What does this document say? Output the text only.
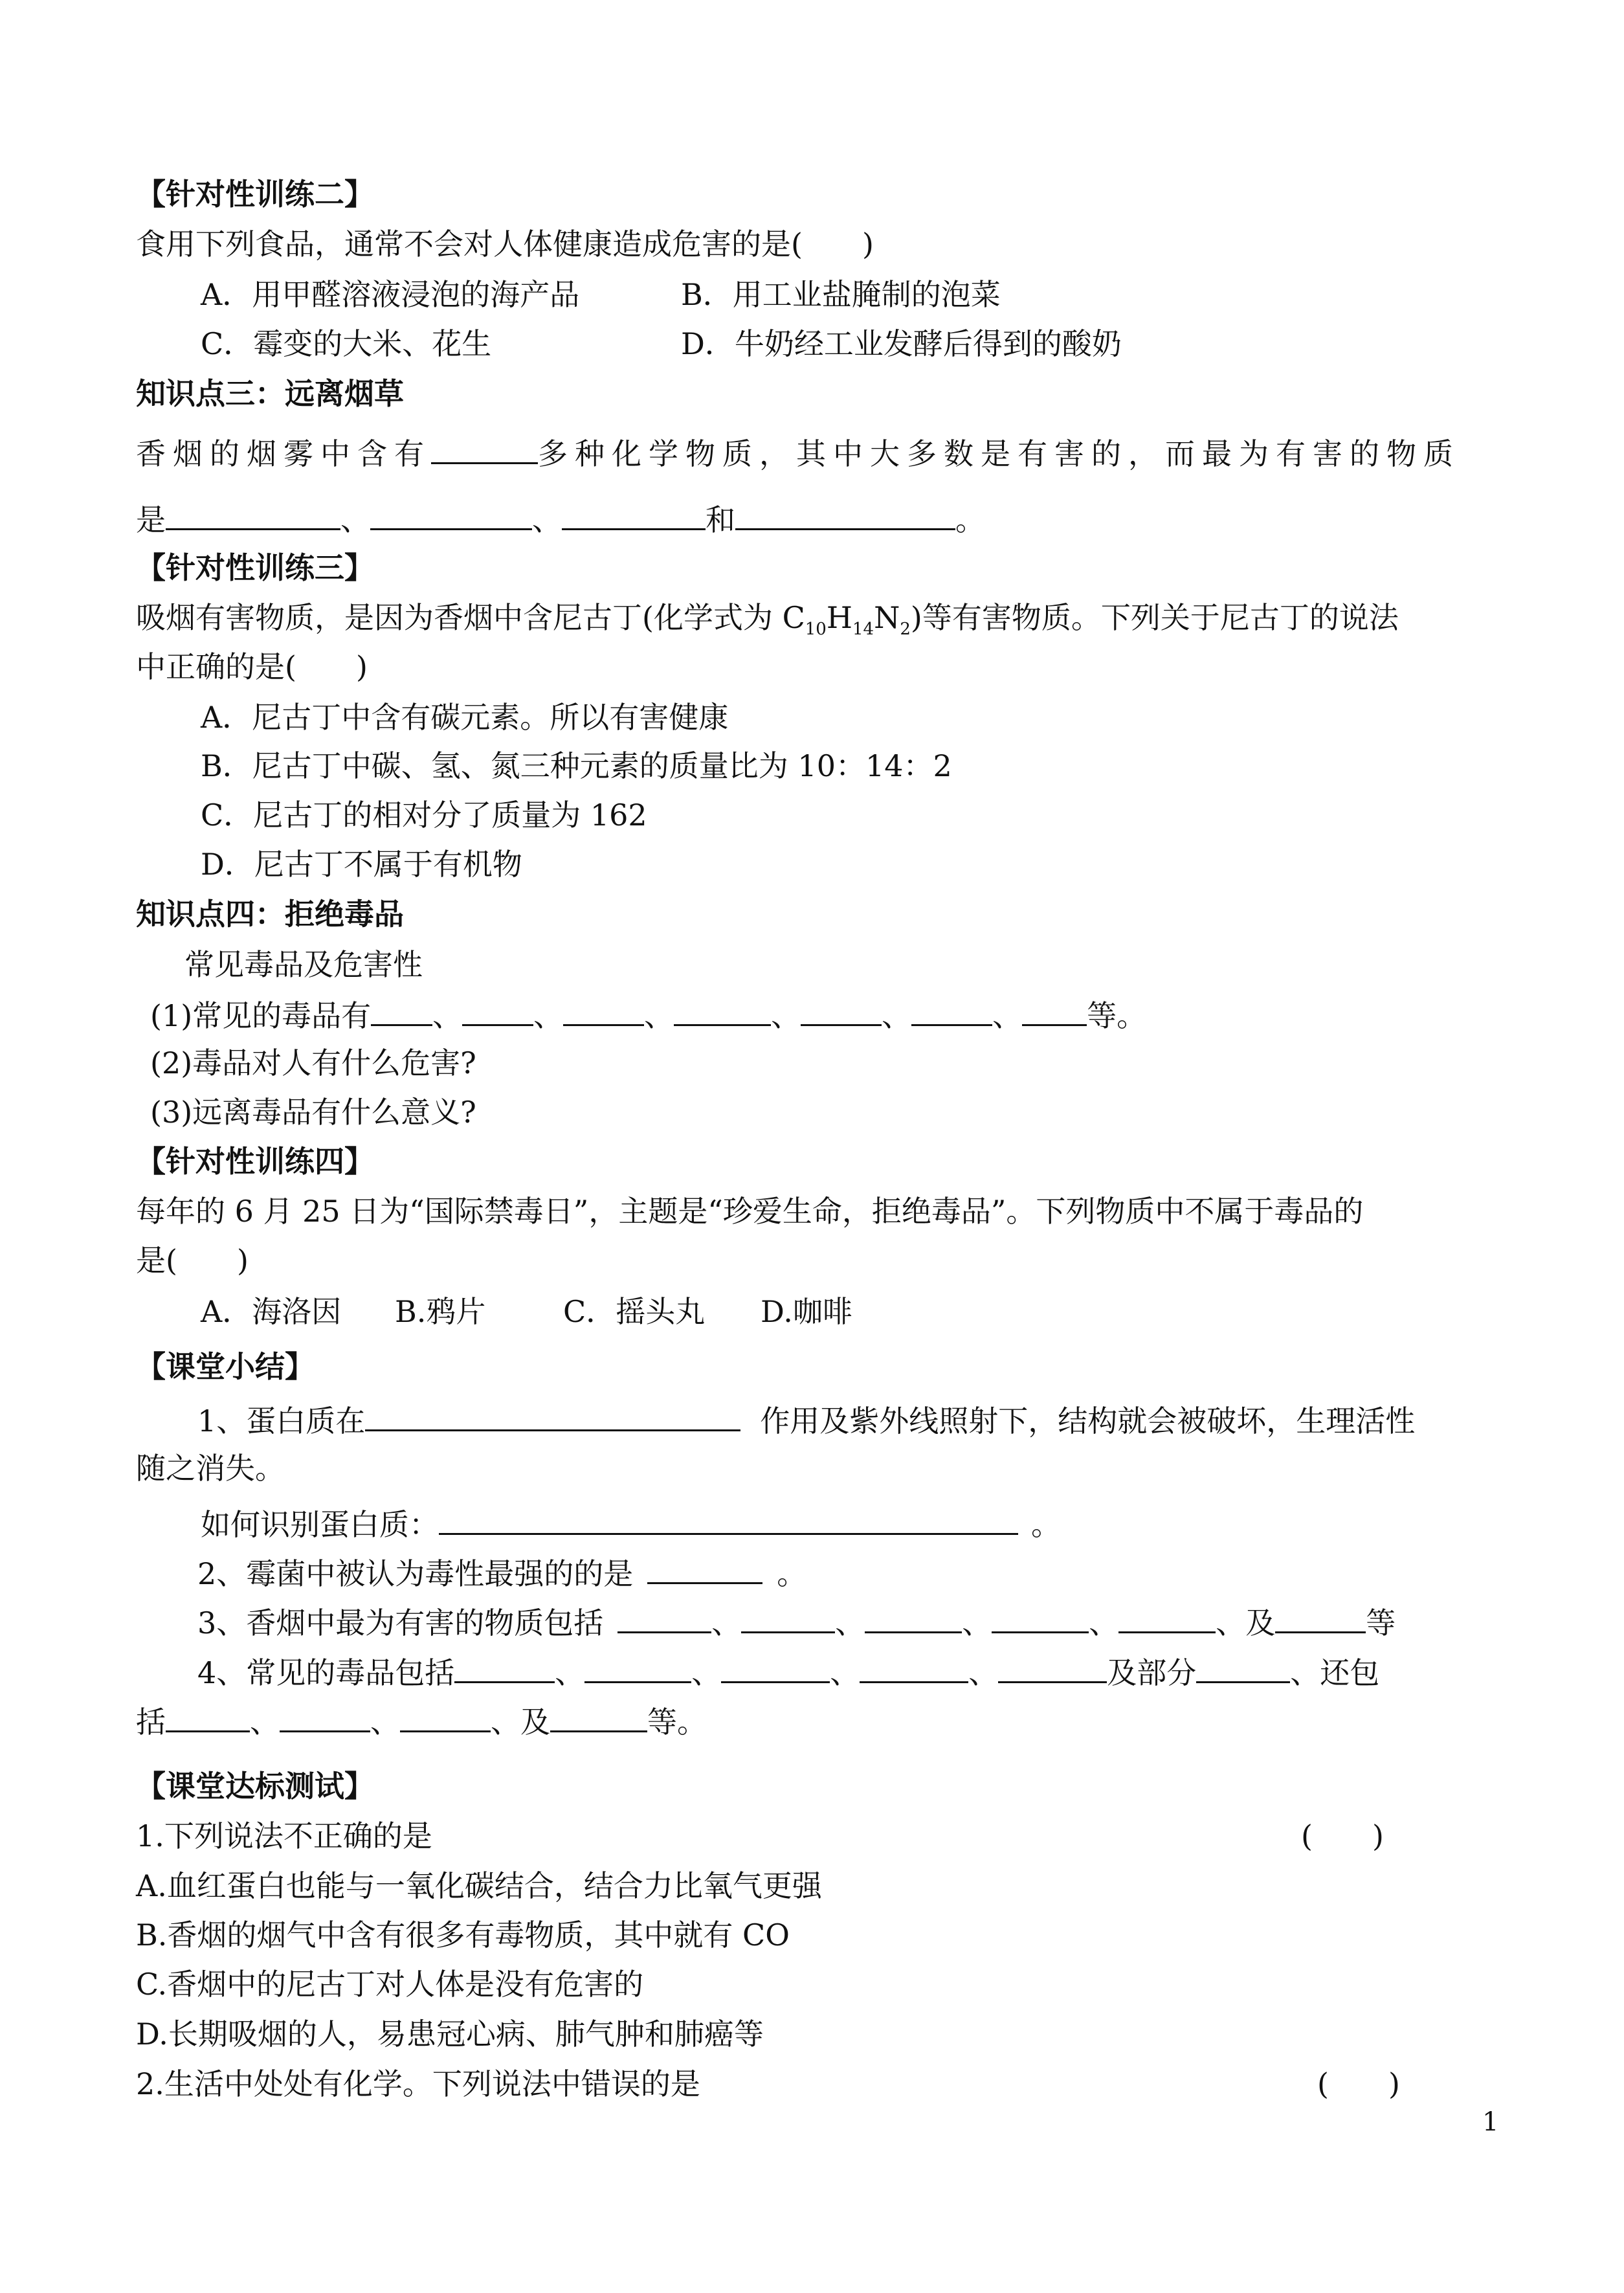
【针对性训练二】
食用下列食品，通常不会对人体健康造成危害的是(　　)
A．用甲醛溶液浸泡的海产品	B．用工业盐腌制的泡菜
C．霉变的大米、花生	D．牛奶经工业发酵后得到的酸奶
知识点三：远离烟草
香烟的烟雾中含有	多种化学物质，其中大多数是有害的，而最为有害的物质
是	、	、	和	。
【针对性训练三】
吸烟有害物质，是因为香烟中含尼古丁(化学式为 $C_{10}H_{14}N_2$)等有害物质。下列关于尼古丁的说法
中正确的是(　　)
A．尼古丁中含有碳元素。所以有害健康
B．尼古丁中碳、氢、氮三种元素的质量比为 10：14：2
C．尼古丁的相对分了质量为 162
D．尼古丁不属于有机物
知识点四：拒绝毒品
常见毒品及危害性
(1)常见的毒品有 、 、	、	、	、	、 等。
(2)毒品对人有什么危害?
(3)远离毒品有什么意义?
【针对性训练四】
每年的 6 月 25 日为“国际禁毒日”，主题是“珍爱生命，拒绝毒品”。下列物质中不属于毒品的
是(　　)
A．海洛因 B.鸦片	C．摇头丸 D.咖啡
【课堂小结】
1、蛋白质在	作用及紫外线照射下，结构就会被破坏，生理活性
随之消失。
如何识别蛋白质：	。
2、霉菌中被认为毒性最强的的是	。
3、香烟中最为有害的物质包括	、	、	、	、	、及	等
4、常见的毒品包括	、	、	、	、	及部分	、还包
括	、	、	、及	等。
【课堂达标测试】
1.下列说法不正确的是	(　　)
A.血红蛋白也能与一氧化碳结合，结合力比氧气更强
B.香烟的烟气中含有很多有毒物质，其中就有 CO
C.香烟中的尼古丁对人体是没有危害的
D.长期吸烟的人，易患冠心病、肺气肿和肺癌等
2.生活中处处有化学。下列说法中错误的是	(　　)
1
